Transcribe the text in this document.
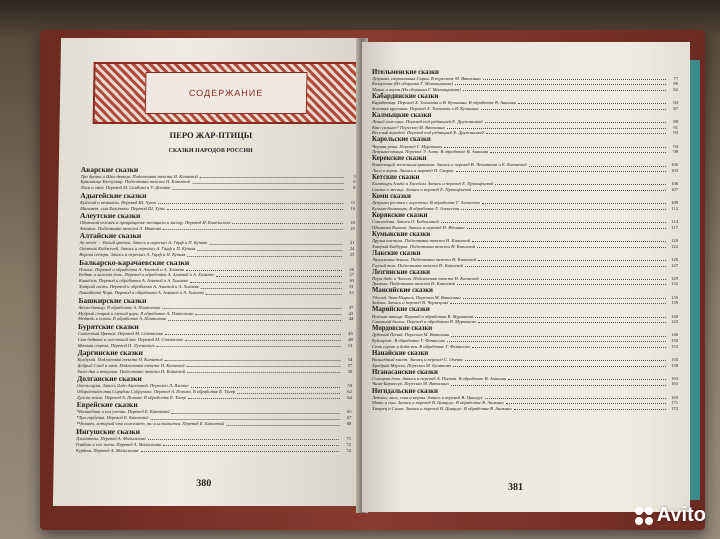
СОДЕРЖАНИЕ
ПЕРО ЖАР-ПТИЦЫ
СКАЗКИ НАРОДОВ РОССИИ
Аварские сказки
Три брата и Шах-девица. Подготовка текста Н. Капиевой	3
Красавица Елепухкар. Подготовка текста Н. Капиевой	6
Лиса и змея. Перевод М. Саидова и У. Дохаят	8
Адыгейские сказки
Куйжий и великаны. Перевод Ш. Хута	11
Магомет, сын Болотоко. Перевод Ш. Хута	16
Алеутские сказки
Одинокий человек и превращение женщины в лисицу. Перевод И. Ковельсона	18
Атхаюк. Подготовка текста Л. Иванова	19
Алтайские сказки
Ак-чечек — Белый цветок. Запись и пересказ А. Гарф и П. Кучияк	21
Охотник Каджегей. Запись и пересказ А. Гарф и П. Кучияк	24
Верная сестра. Запись и пересказ А. Гарф и П. Кучияк	25
Балкарско-карачаевские сказки
Намыс. Перевод и обработка А. Алиевой и А. Холаева	26
Бедняк и ханская дочь. Перевод и обработка А. Алиевой и А. Холаева	27
Коккёзов. Перевод и обработка А. Алиевой и А. Холаева	30
Хитрый гость. Перевод и обработка А. Алиевой и А. Холаева	31
Лошадиная Чора. Перевод и обработка А. Алиевой и А. Холаева	33
Башкирские сказки
Акъял-батыр. В обработке А. Платонова	37
Мудрый старик и глупый царь. В обработке А. Платонова	43
Медведь и пчелы. В обработке А. Платонова	44
Бурятские сказки
Солнечный Цветок. Перевод М. Степанова	45
Сын бедняка и жестокий хан. Перевод М. Степанова	48
Меткая стрела. Перевод Н. Луговского	51
Даргинские сказки
Кулдухай. Подготовка текста Н. Капиевой	54
Добрый Саид и змея. Подготовка текста Н. Капиевой	57
Хала-Ава и петушок. Подготовка текста Н. Капиевой	58
Долганские сказки
Олень-щука. Запись Огдо Аксеновой. Пересказ Л. Яхнина	59
Оборотничества Сорадом Собрунова. Перевод А. Попова. В обработке Е. Тагер	62
Дужка земли. Перевод А. Попова. В обработке Е. Тагер	64
Еврейские сказки
*Волшебник и его ученик. Перевод Е. Катаевой	65
*Три горбунка. Перевод Е. Катаевой	67
*Человек, который что пожелает, то и исполнится. Перевод Е. Катаевой	68
Ингушские сказки
Джантелы. Перевод А. Мальсагова	71
Гомбот и его жена. Перевод А. Мальсагова	72
Курдаш. Перевод А. Мальсагова	74
380
Ительменские сказки
Девушка, строптивая Сирин. В пересказе М. Ваталина	77
Казарочка (Из сборника Г. Меновщикова)	80
Мышь и ворон (Из сборника Г. Меновщикова)	82
Кабардинские сказки
Карабатыр. Перевод Х. Тагимова и В. Кузьмина. В обработке В. Аникина	84
Золотая крупинка. Перевод Х. Тагимова и В. Кузьмина	87
Калмыцкие сказки
Левый глаз хана. Перевод под редакцией Е. Дружининой	88
Кто сильнее? Пересказ М. Ваталина	91
Веселый воробей. Перевод под редакцией Е. Дружининой	93
Карельские сказки
Черная утка. Перевод Г. Мурашина	94
Девушка-птица. Перевод Э. Алто. В обработке В. Аникина	98
Керекские сказки
Владеющий железным крючком. Запись и перевод В. Леонтьева и Е. Катаевой	100
Лиса и ворон. Запись и перевод П. Скорик	103
Кетские сказки
Богатырь Альба и Хоседам. Запись и перевод Е. Прокофьевой	106
Сказка о месяце. Запись и перевод Е. Прокофьевой	107
Коми сказки
Девушка ростом с веретено. В обработке Г. Алексеева	109
Кузьма-богатырь. В обработке Г. Алексеева	112
Корякские сказки
Сокольдзая. Запись О. Бабошиной	114
Шаманка Кытна. Запись и перевод Н. Вдовина	117
Кумыкские сказки
Друзья пастуха. Подготовка текста Н. Капиевой	120
Хитрый Байбурак. Подготовка текста Н. Капиевой	122
Лакские сказки
Лягушкины деньги. Подготовка текста Н. Капиевой	126
Глупый волк. Подготовка текста Н. Капиевой	127
Лезгинские сказки
Пери-Заде и Чагала. Подготовка текста Н. Капиевой	129
Дымъял. Подготовка текста Н. Капиевой	132
Мансийские сказки
Удалой Эква-Пырись. Пересказ М. Ваталина	135
Зайчик. Запись и перевод В. Чернецова	139
Марийские сказки
Новчык-патыр. Перевод и обработка В. Муравьева	140
Смоляной бычок. Перевод и обработка В. Муравьева	143
Мордовские сказки
Дубовый Пачай. Пересказ М. Ваталина	146
Куйгорож. В обработке Г. Фетисова	150
Семь сирот и баба-яга. В обработке Г. Фетисова	153
Нанайские сказки
Волшебный кисет. Запись и перевод С. Оненко	155
Храбрый Мэргэн. Пересказ М. Булатова	158
Нганасанские сказки
Солнцева дочь. Запись и перевод А. Попова. В обработке В. Аникина	163
Чина-Барикчуй. Пересказ М. Ваталина	165
Негидальские сказки
Летяга, лиса, сова и нерпы. Запись и перевод В. Цинциус	169
Мать и сын. Запись и перевод В. Цинциус. В обработке В. Аникина	171
Хитрец и Силач. Запись и перевод В. Цинциус. В обработке В. Аникина	172
381
Avito
